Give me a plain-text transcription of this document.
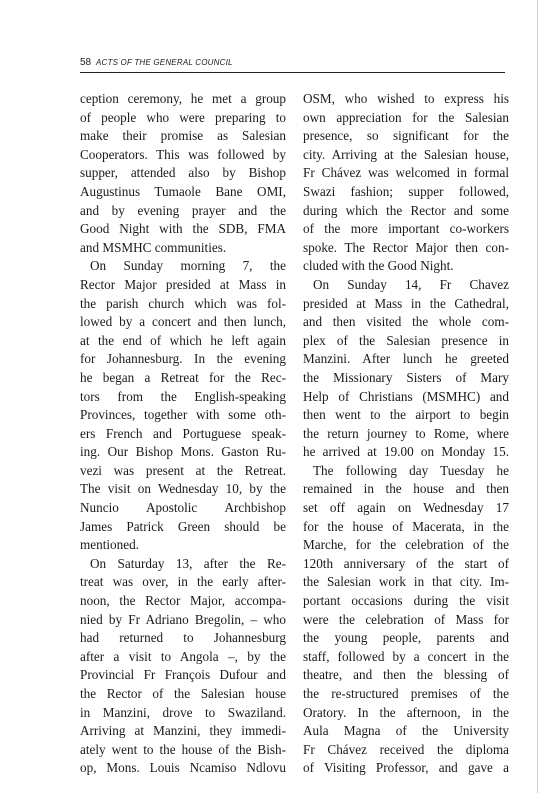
58 ACTS OF THE GENERAL COUNCIL
ception ceremony, he met a group
of people who were preparing to
make their promise as Salesian
Cooperators. This was followed by
supper, attended also by Bishop
Augustinus Tumaole Bane OMI,
and by evening prayer and the
Good Night with the SDB, FMA
and MSMHC communities.
On Sunday morning 7, the
Rector Major presided at Mass in
the parish church which was fol-
lowed by a concert and then lunch,
at the end of which he left again
for Johannesburg. In the evening
he began a Retreat for the Rec-
tors from the English-speaking
Provinces, together with some oth-
ers French and Portuguese speak-
ing. Our Bishop Mons. Gaston Ru-
vezi was present at the Retreat.
The visit on Wednesday 10, by the
Nuncio Apostolic Archbishop
James Patrick Green should be
mentioned.
On Saturday 13, after the Re-
treat was over, in the early after-
noon, the Rector Major, accompa-
nied by Fr Adriano Bregolin, – who
had returned to Johannesburg
after a visit to Angola –, by the
Provincial Fr François Dufour and
the Rector of the Salesian house
in Manzini, drove to Swaziland.
Arriving at Manzini, they immedi-
ately went to the house of the Bish-
op, Mons. Louis Ncamiso Ndlovu
OSM, who wished to express his
own appreciation for the Salesian
presence, so significant for the
city. Arriving at the Salesian house,
Fr Chávez was welcomed in formal
Swazi fashion; supper followed,
during which the Rector and some
of the more important co-workers
spoke. The Rector Major then con-
cluded with the Good Night.
On Sunday 14, Fr Chavez
presided at Mass in the Cathedral,
and then visited the whole com-
plex of the Salesian presence in
Manzini. After lunch he greeted
the Missionary Sisters of Mary
Help of Christians (MSMHC) and
then went to the airport to begin
the return journey to Rome, where
he arrived at 19.00 on Monday 15.
The following day Tuesday he
remained in the house and then
set off again on Wednesday 17
for the house of Macerata, in the
Marche, for the celebration of the
120th anniversary of the start of
the Salesian work in that city. Im-
portant occasions during the visit
were the celebration of Mass for
the young people, parents and
staff, followed by a concert in the
theatre, and then the blessing of
the re-structured premises of the
Oratory. In the afternoon, in the
Aula Magna of the University
Fr Chávez received the diploma
of Visiting Professor, and gave a
